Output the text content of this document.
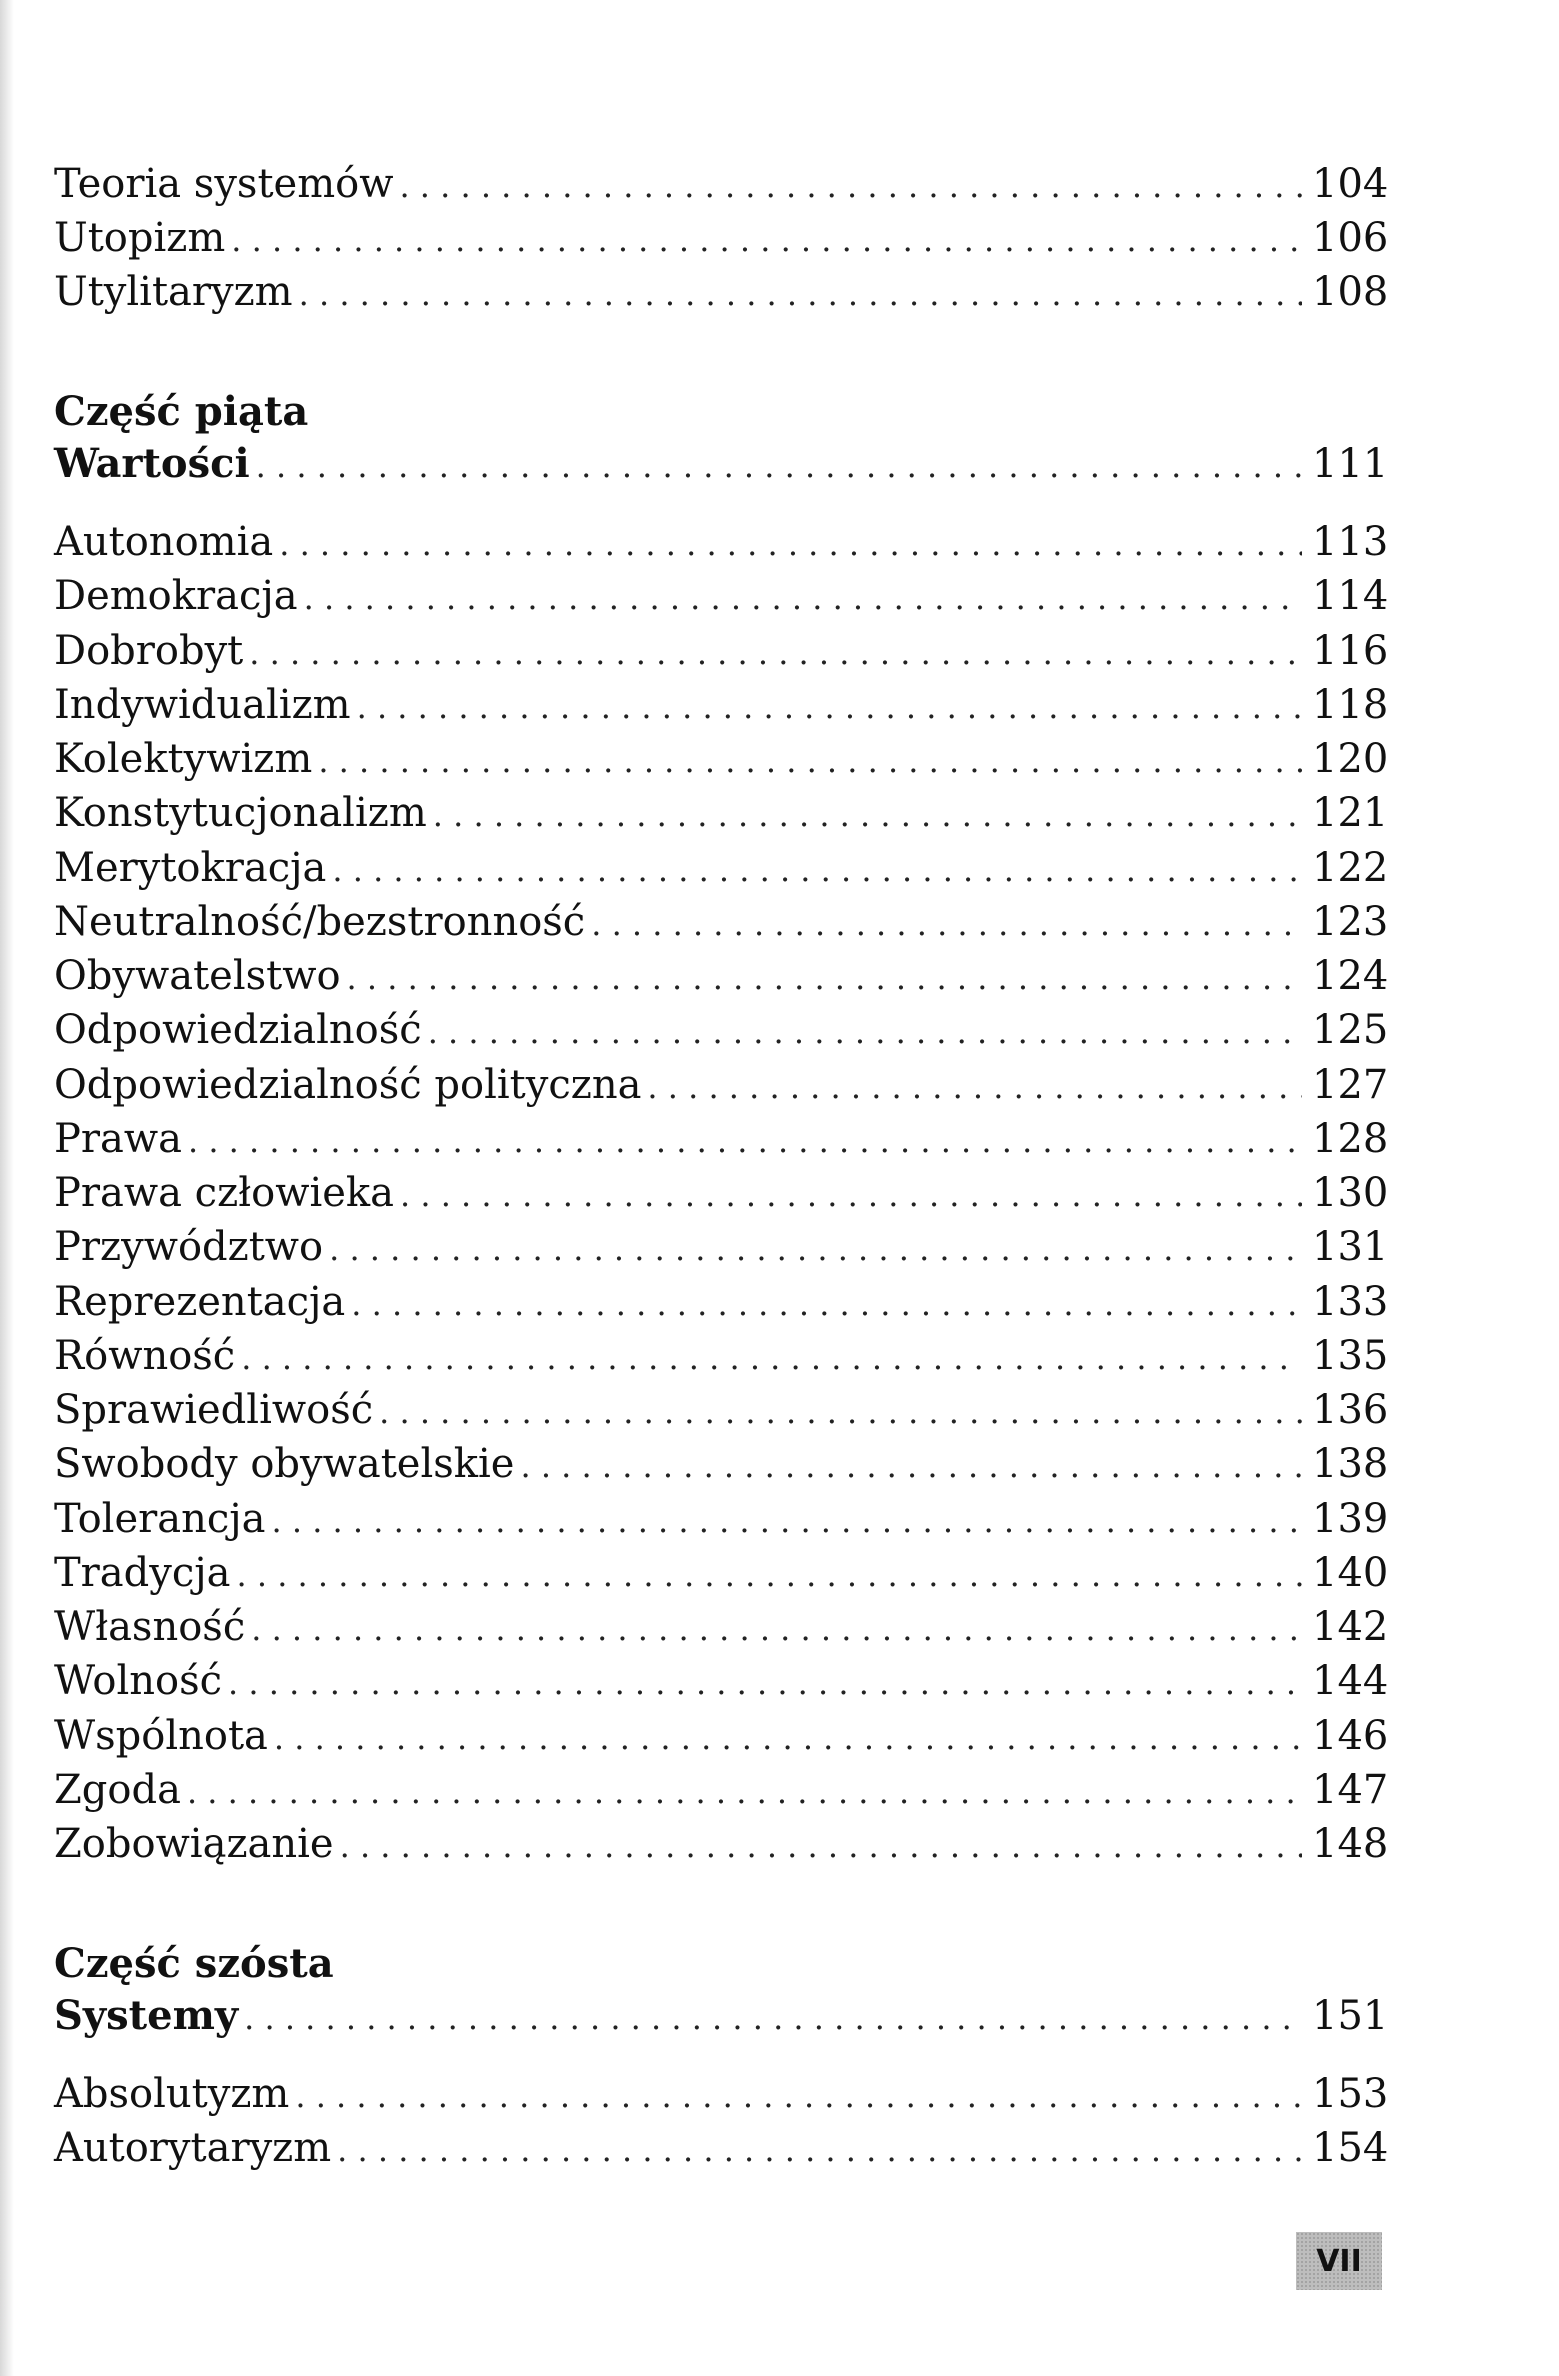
Teoria systemów . . .	104
Utopizm . . .	106
Utylitaryzm . . .	108
Część piąta
Wartości . . .	111
Autonomia . . .	113
Demokracja . . .	114
Dobrobyt . . .	116
Indywidualizm . . .	118
Kolektywizm . . .	120
Konstytucjonalizm . . .	121
Merytokracja . . .	122
Neutralność/bezstronność . . .	123
Obywatelstwo . . .	124
Odpowiedzialność . . .	125
Odpowiedzialność polityczna . . .	127
Prawa . . .	128
Prawa człowieka . . .	130
Przywództwo . . .	131
Reprezentacja . . .	133
Równość . . .	135
Sprawiedliwość . . .	136
Swobody obywatelskie . . .	138
Tolerancja . . .	139
Tradycja . . .	140
Własność . . .	142
Wolność . . .	144
Wspólnota . . .	146
Zgoda . . .	147
Zobowiązanie . . .	148
Część szósta
Systemy . . .	151
Absolutyzm . . .	153
Autorytaryzm . . .	154
VII
